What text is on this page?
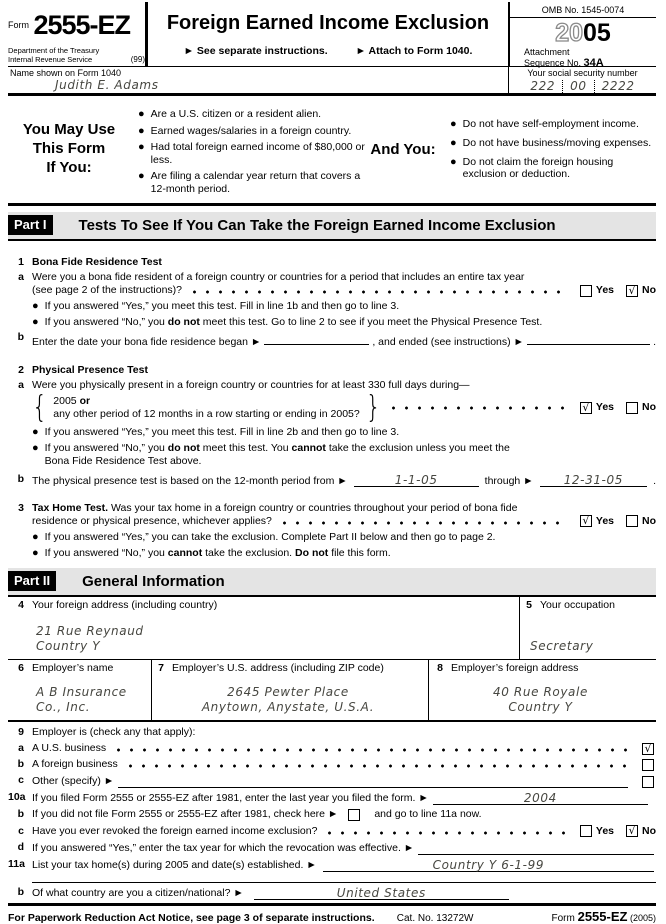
Form 2555-EZ
Department of the Treasury
Internal Revenue Service	(99)
Foreign Earned Income Exclusion
► See separate instructions.	► Attach to Form 1040.
OMB No. 1545-0074
2005
Attachment
Sequence No. 34A
Name shown on Form 1040
Judith E. Adams
Your social security number
222 00 2222
You May Use
This Form
If You:
● Are a U.S. citizen or a resident alien.
● Earned wages/salaries in a foreign country.
● Had total foreign earned income of $80,000 or less.
● Are filing a calendar year return that covers a 12-month period.
And You:
● Do not have self-employment income.
● Do not have business/moving expenses.
● Do not claim the foreign housing exclusion or deduction.
Part I	Tests To See If You Can Take the Foreign Earned Income Exclusion
1 Bona Fide Residence Test
a Were you a bona fide resident of a foreign country or countries for a period that includes an entire tax year
(see page 2 of the instructions)?	Yes √ No
● If you answered “Yes,” you meet this test. Fill in line 1b and then go to line 3.
● If you answered “No,” you do not meet this test. Go to line 2 to see if you meet the Physical Presence Test.
b Enter the date your bona fide residence began ►	, and ended (see instructions) ►	.
2 Physical Presence Test
a Were you physically present in a foreign country or countries for at least 330 full days during—
{ 2005 or
any other period of 12 months in a row starting or ending in 2005? }	√ Yes	No
● If you answered “Yes,” you meet this test. Fill in line 2b and then go to line 3.
● If you answered “No,” you do not meet this test. You cannot take the exclusion unless you meet the
Bona Fide Residence Test above.
b The physical presence test is based on the 12-month period from ►	1-1-05	through ►	12-31-05	.
3 Tax Home Test. Was your tax home in a foreign country or countries throughout your period of bona fide
residence or physical presence, whichever applies?	√ Yes	No
● If you answered “Yes,” you can take the exclusion. Complete Part II below and then go to page 2.
● If you answered “No,” you cannot take the exclusion. Do not file this form.
Part II	General Information
4 Your foreign address (including country)
21 Rue Reynaud
Country Y
5 Your occupation
Secretary
6 Employer’s name
A B Insurance Co., Inc.
7 Employer’s U.S. address (including ZIP code)
2645 Pewter Place
Anytown, Anystate, U.S.A.
8 Employer’s foreign address
40 Rue Royale
Country Y
9 Employer is (check any that apply):
a A U.S. business	√
b A foreign business
c Other (specify) ►
10a If you filed Form 2555 or 2555-EZ after 1981, enter the last year you filed the form. ►	2004
b If you did not file Form 2555 or 2555-EZ after 1981, check here ►	and go to line 11a now.
c Have you ever revoked the foreign earned income exclusion?	Yes √ No
d If you answered “Yes,” enter the tax year for which the revocation was effective. ►
11a List your tax home(s) during 2005 and date(s) established. ►	Country Y 6-1-99
b Of what country are you a citizen/national? ►	United States
For Paperwork Reduction Act Notice, see page 3 of separate instructions.	Cat. No. 13272W	Form 2555-EZ (2005)
